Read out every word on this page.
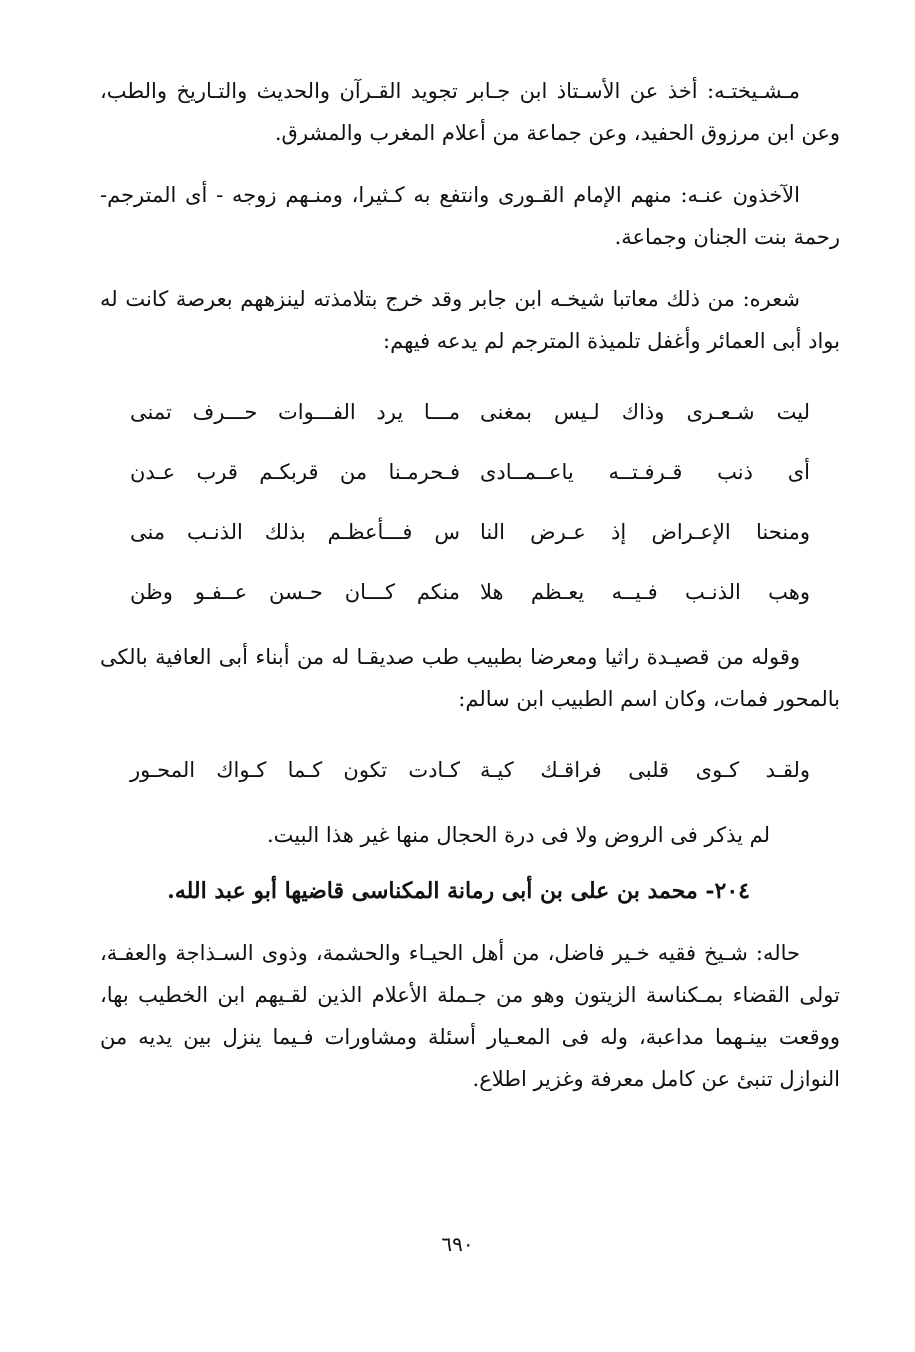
مـشـيختـه: أخذ عن الأسـتاذ ابن جـابر تجويد القـرآن والحديث والتـاريخ والطب، وعن ابن مرزوق الحفيد، وعن جماعة من أعلام المغرب والمشرق.

الآخذون عنـه: منهم الإمام القـورى وانتفع به كـثيرا، ومنـهم زوجه - أى المترجم- رحمة بنت الجنان وجماعة.

شعره: من ذلك معاتبا شيخـه ابن جابر وقد خرج بتلامذته لينزههم بعرصة كانت له بواد أبى العمائر وأغفل تلميذة المترجم لم يدعه فيهم:

ليت شـعـرى وذاك لـيس بمغنى
مـــا يرد الفـــوات حـــرف تمنى
أى ذنب قـرفـتــه ياعــمــادى
فـحرمـنا من قربكـم قرب عـدن
ومنحنا الإعـراض إذ عـرض النا
س فـــأعظـم بذلك الذنـب منى
وهب الذنـب فـيــه يعـظم هلا
منكم كـــان حـسن عــفـو وظن

وقوله من قصيـدة راثيا ومعرضا بطبيب طب صديقـا له من أبناء أبى العافية بالكى بالمحور فمات، وكان اسم الطبيب ابن سالم:

ولقـد كـوى قلبى فراقـك كيـة
كـادت تكون كـما كـواك المحـور

لم يذكر فى الروض ولا فى درة الحجال منها غير هذا البيت.

٢٠٤- محمد بن على بن أبى رمانة المكناسى قاضيها أبو عبد الله.

حاله: شـيخ فقيه خـير فاضل، من أهل الحيـاء والحشمة، وذوى السـذاجة والعفـة، تولى القضاء بمـكناسة الزيتون وهو من جـملة الأعلام الذين لقـيهم ابن الخطيب بها، ووقعت بينـهما مداعبة، وله فى المعـيار أسئلة ومشاورات فـيما ينزل بين يديه من النوازل تنبئ عن كامل معرفة وغزير اطلاع.

٦٩٠
